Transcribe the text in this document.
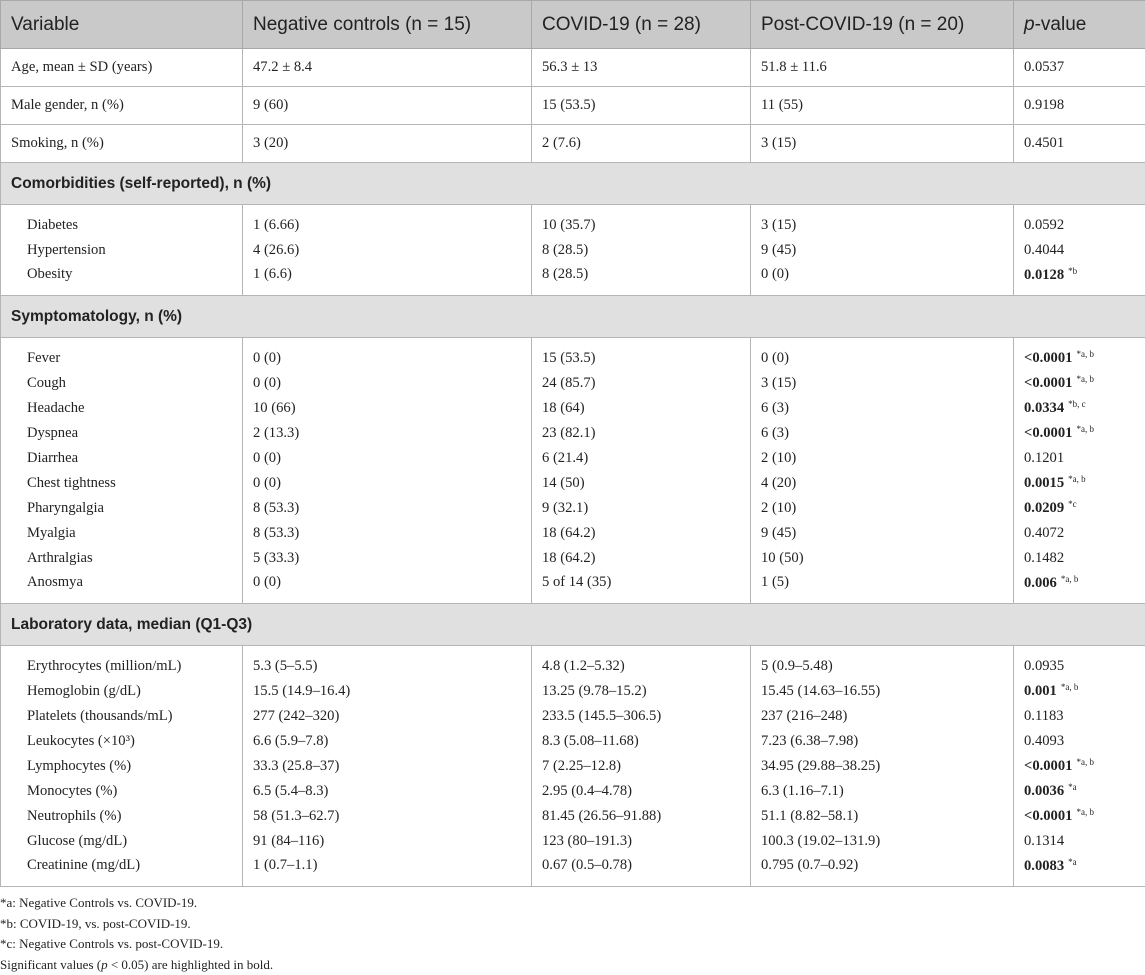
Variable	Negative controls (n = 15)	COVID-19 (n = 28)	Post-COVID-19 (n = 20)	p-value
Age, mean ± SD (years)	47.2 ± 8.4	56.3 ± 13	51.8 ± 11.6	0.0537
Male gender, n (%)	9 (60)	15 (53.5)	11 (55)	0.9198
Smoking, n (%)	3 (20)	2 (7.6)	3 (15)	0.4501
Comorbidities (self-reported), n (%)				
Diabetes	1 (6.66)	10 (35.7)	3 (15)	0.0592
Hypertension	4 (26.6)	8 (28.5)	9 (45)	0.4044
Obesity	1 (6.6)	8 (28.5)	0 (0)	0.0128 $^{*b}$
Symptomatology, n (%)				
Fever	0 (0)	15 (53.5)	0 (0)	<0.0001 $^{*a, b}$
Cough	0 (0)	24 (85.7)	3 (15)	<0.0001 $^{*a, b}$
Headache	10 (66)	18 (64)	6 (3)	0.0334 $^{*b, c}$
Dyspnea	2 (13.3)	23 (82.1)	6 (3)	<0.0001 $^{*a, b}$
Diarrhea	0 (0)	6 (21.4)	2 (10)	0.1201
Chest tightness	0 (0)	14 (50)	4 (20)	0.0015 $^{*a, b}$
Pharyngalgia	8 (53.3)	9 (32.1)	2 (10)	0.0209 $^{*c}$
Myalgia	8 (53.3)	18 (64.2)	9 (45)	0.4072
Arthralgias	5 (33.3)	18 (64.2)	10 (50)	0.1482
Anosmya	0 (0)	5 of 14 (35)	1 (5)	0.006 $^{*a, b}$
Laboratory data, median (Q1-Q3)				
Erythrocytes (million/mL)	5.3 (5–5.5)	4.8 (1.2–5.32)	5 (0.9–5.48)	0.0935
Hemoglobin (g/dL)	15.5 (14.9–16.4)	13.25 (9.78–15.2)	15.45 (14.63–16.55)	0.001 $^{*a, b}$
Platelets (thousands/mL)	277 (242–320)	233.5 (145.5–306.5)	237 (216–248)	0.1183
Leukocytes (×10³)	6.6 (5.9–7.8)	8.3 (5.08–11.68)	7.23 (6.38–7.98)	0.4093
Lymphocytes (%)	33.3 (25.8–37)	7 (2.25–12.8)	34.95 (29.88–38.25)	<0.0001 $^{*a, b}$
Monocytes (%)	6.5 (5.4–8.3)	2.95 (0.4–4.78)	6.3 (1.16–7.1)	0.0036 $^{*a}$
Neutrophils (%)	58 (51.3–62.7)	81.45 (26.56–91.88)	51.1 (8.82–58.1)	<0.0001 $^{*a, b}$
Glucose (mg/dL)	91 (84–116)	123 (80–191.3)	100.3 (19.02–131.9)	0.1314
Creatinine (mg/dL)	1 (0.7–1.1)	0.67 (0.5–0.78)	0.795 (0.7–0.92)	0.0083 $^{*a}$
*a: Negative Controls vs. COVID-19.
*b: COVID-19, vs. post-COVID-19.
*c: Negative Controls vs. post-COVID-19.
Significant values (p < 0.05) are highlighted in bold.
